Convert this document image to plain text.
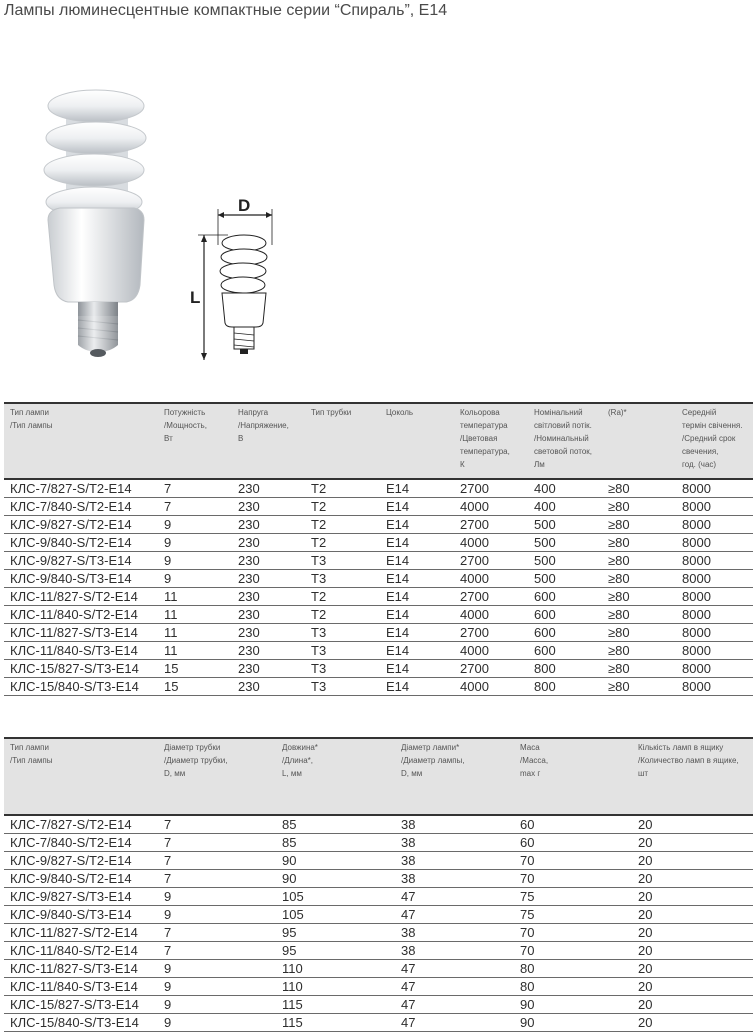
Лампы люминесцентные компактные серии “Спираль”, E14
D
L
Тип лампи
/Тип лампы	Потужність
/Мощность,
Вт	Напруга
/Напряжение,
В	Тип трубки	Цоколь	Кольорова
температура
/Цветовая
температура,
К	Номінальний
світловий потік.
/Номинальный
световой поток,
Лм	(Ra)*	Середній
термін свічення.
/Средний срок
свечения,
год. (час)
КЛС-7/827-S/T2-E14	7	230	T2	E14	2700	400	≥80	8000
КЛС-7/840-S/T2-E14	7	230	T2	E14	4000	400	≥80	8000
КЛС-9/827-S/T2-E14	9	230	T2	E14	2700	500	≥80	8000
КЛС-9/840-S/T2-E14	9	230	T2	E14	4000	500	≥80	8000
КЛС-9/827-S/T3-E14	9	230	T3	E14	2700	500	≥80	8000
КЛС-9/840-S/T3-E14	9	230	T3	E14	4000	500	≥80	8000
КЛС-11/827-S/T2-E14	11	230	T2	E14	2700	600	≥80	8000
КЛС-11/840-S/T2-E14	11	230	T2	E14	4000	600	≥80	8000
КЛС-11/827-S/T3-E14	11	230	T3	E14	2700	600	≥80	8000
КЛС-11/840-S/T3-E14	11	230	T3	E14	4000	600	≥80	8000
КЛС-15/827-S/T3-E14	15	230	T3	E14	2700	800	≥80	8000
КЛС-15/840-S/T3-E14	15	230	T3	E14	4000	800	≥80	8000
Тип лампи
/Тип лампы	Діаметр трубки
/Диаметр трубки,
D, мм	Довжина*
/Длина*,
L, мм	Діаметр лампи*
/Диаметр лампы,
D, мм	Маса
/Масса,
max г	Кількість ламп в ящику
/Количество ламп в ящике,
шт
КЛС-7/827-S/T2-E14	7	85	38	60	20
КЛС-7/840-S/T2-E14	7	85	38	60	20
КЛС-9/827-S/T2-E14	7	90	38	70	20
КЛС-9/840-S/T2-E14	7	90	38	70	20
КЛС-9/827-S/T3-E14	9	105	47	75	20
КЛС-9/840-S/T3-E14	9	105	47	75	20
КЛС-11/827-S/T2-E14	7	95	38	70	20
КЛС-11/840-S/T2-E14	7	95	38	70	20
КЛС-11/827-S/T3-E14	9	110	47	80	20
КЛС-11/840-S/T3-E14	9	110	47	80	20
КЛС-15/827-S/T3-E14	9	115	47	90	20
КЛС-15/840-S/T3-E14	9	115	47	90	20
